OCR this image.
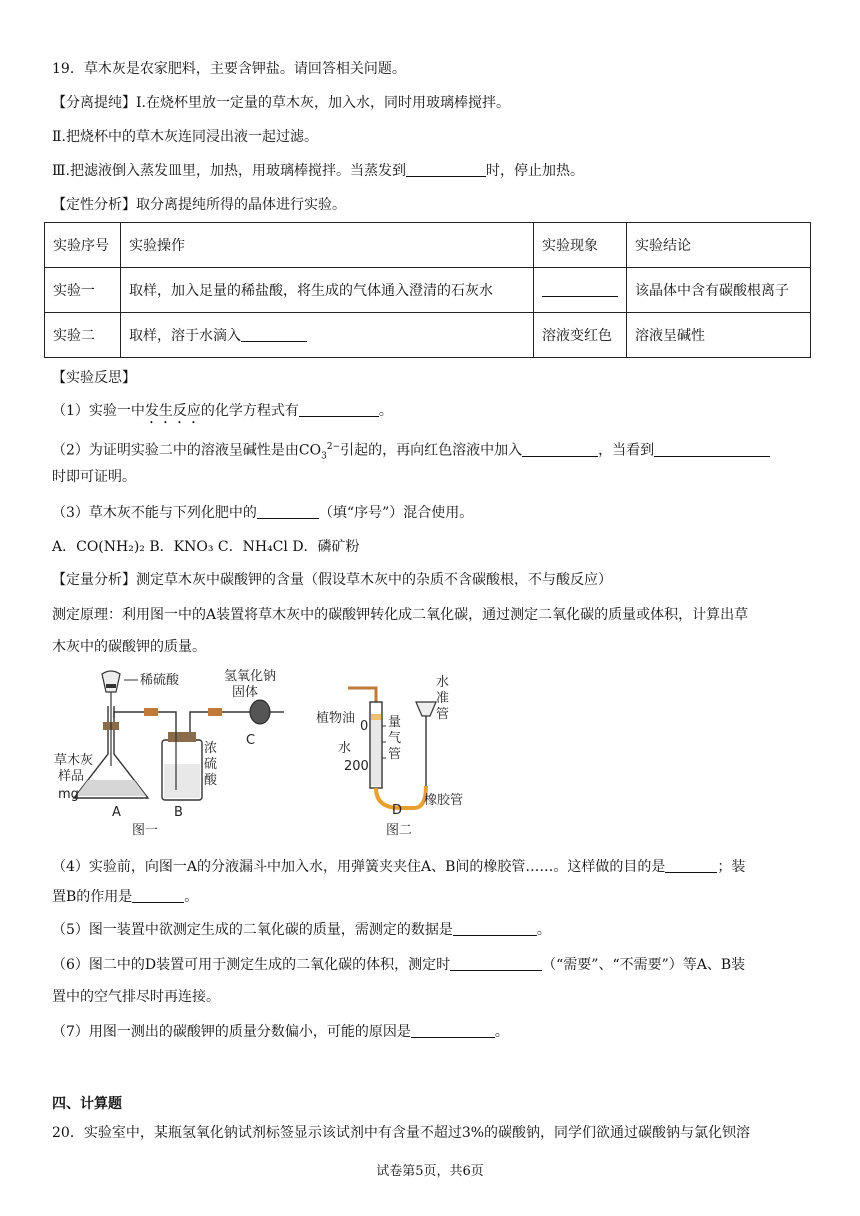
19．草木灰是农家肥料，主要含钾盐。请回答相关问题。
【分离提纯】Ⅰ.在烧杯里放一定量的草木灰，加入水，同时用玻璃棒搅拌。
Ⅱ.把烧杯中的草木灰连同浸出液一起过滤。
Ⅲ.把滤液倒入蒸发皿里，加热，用玻璃棒搅拌。当蒸发到	时，停止加热。
【定性分析】取分离提纯所得的晶体进行实验。
实验序号	实验操作	实验现象	实验结论
实验一	取样，加入足量的稀盐酸，将生成的气体通入澄清的石灰水		该晶体中含有碳酸根离子
实验二	取样，溶于水滴入	溶液变红色	溶液呈碱性
【实验反思】
（1）实验一中发生反应的化学方程式有	。
（2）为证明实验二中的溶液呈碱性是由$CO_3^{2-}$引起的，再向红色溶液中加入	，当看到
时即可证明。
（3）草木灰不能与下列化肥中的	（填“序号”）混合使用。
A．CO(NH₂)₂ B．KNO₃ C．NH₄Cl D．磷矿粉
【定量分析】测定草木灰中碳酸钾的含量（假设草木灰中的杂质不含碳酸根，不与酸反应）
测定原理：利用图一中的A装置将草木灰中的碳酸钾转化成二氧化碳，通过测定二氧化碳的质量或体积，计算出草
木灰中的碳酸钾的质量。
稀硫酸	氢氧化钠
固体
C
草木灰
样品
mg
A	B
浓
硫
酸
图一
植物油
0
水
200
量
气
管
水
准
管
D
橡胶管
图二
（4）实验前，向图一A的分液漏斗中加入水，用弹簧夹夹住A、B间的橡胶管……。这样做的目的是	；装
置B的作用是	。
（5）图一装置中欲测定生成的二氧化碳的质量，需测定的数据是	。
（6）图二中的D装置可用于测定生成的二氧化碳的体积，测定时	（“需要”、“不需要”）等A、B装
置中的空气排尽时再连接。
（7）用图一测出的碳酸钾的质量分数偏小，可能的原因是	。
四、计算题
20．实验室中，某瓶氢氧化钠试剂标签显示该试剂中有含量不超过3%的碳酸钠，同学们欲通过碳酸钠与氯化钡溶
试卷第5页，共6页
